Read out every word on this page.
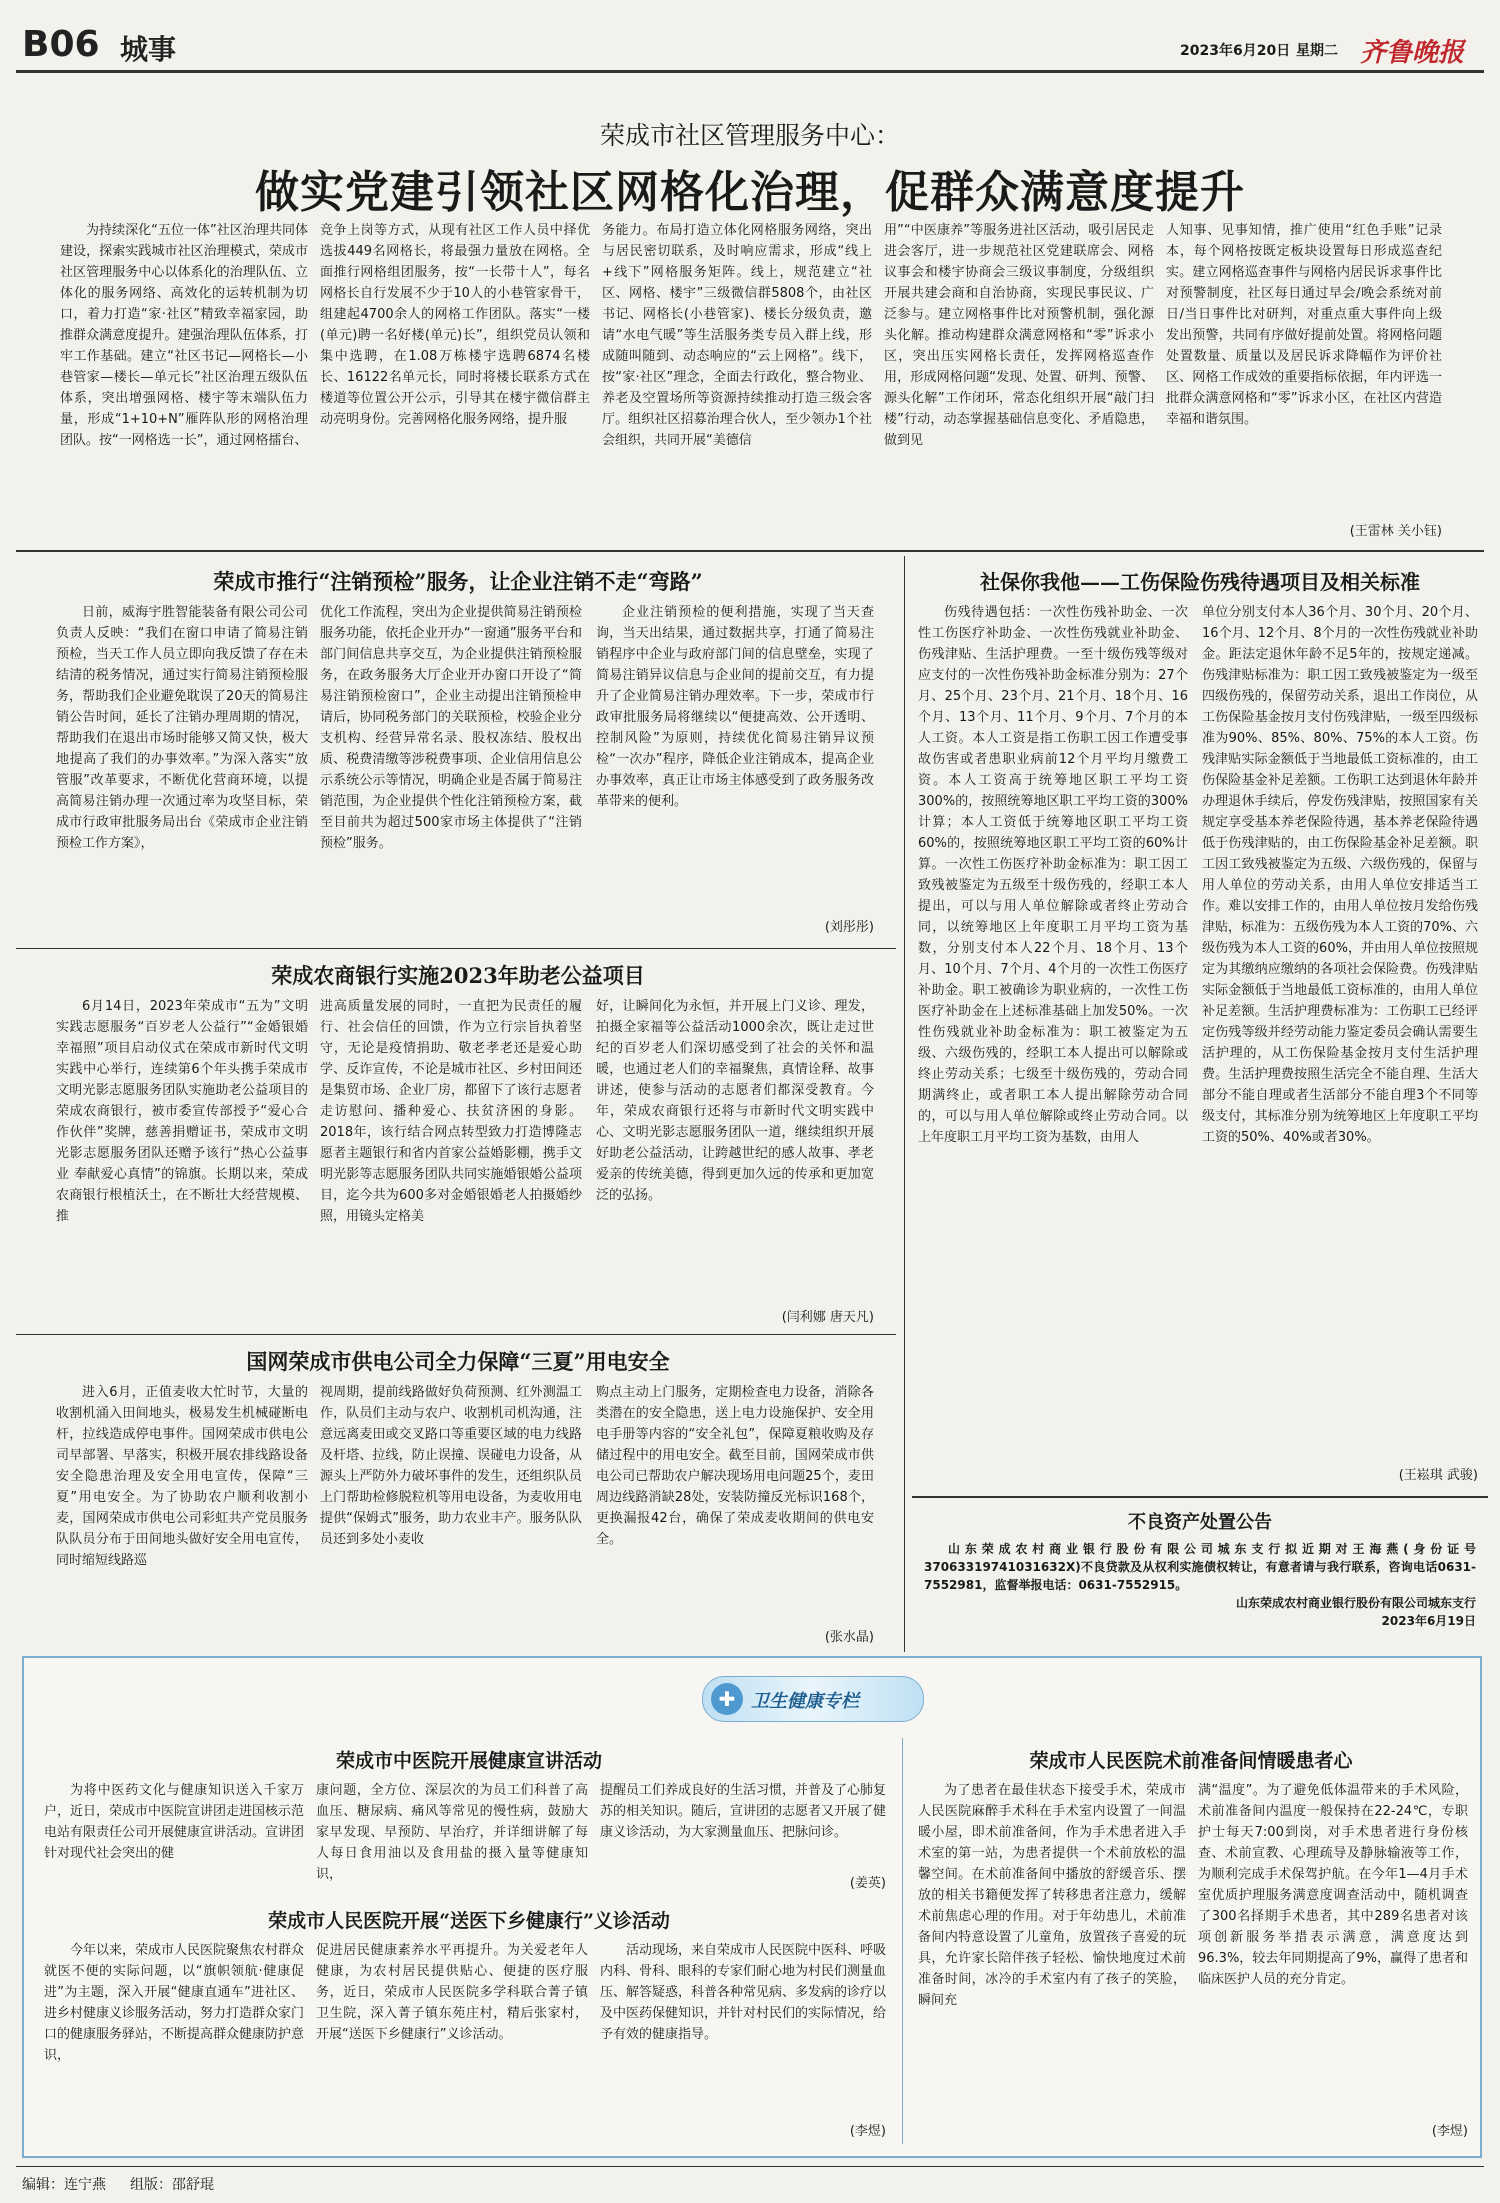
B06 城事	2023年6月20日 星期二 齐鲁晚报
荣成市社区管理服务中心：
做实党建引领社区网格化治理，促群众满意度提升
为持续深化“五位一体”社区治理共同体建设，探索实践城市社区治理模式，荣成市社区管理服务中心以体系化的治理队伍、立体化的服务网络、高效化的运转机制为切口，着力打造“家·社区”精致幸福家园，助推群众满意度提升。建强治理队伍体系，打牢工作基础。建立“社区书记—网格长—小巷管家—楼长—单元长”社区治理五级队伍体系，突出增强网格、楼宇等末端队伍力量，形成“1+10+N”雁阵队形的网格治理团队。按“一网格选一长”，通过网格擂台、
竞争上岗等方式，从现有社区工作人员中择优选拔449名网格长，将最强力量放在网格。全面推行网格组团服务，按“一长带十人”，每名网格长自行发展不少于10人的小巷管家骨干，组建起4700余人的网格工作团队。落实“一楼(单元)聘一名好楼(单元)长”，组织党员认领和集中选聘，在1.08万栋楼宇选聘6874名楼长、16122名单元长，同时将楼长联系方式在楼道等位置公开公示，引导其在楼宇微信群主动亮明身份。完善网格化服务网络，提升服
务能力。布局打造立体化网格服务网络，突出与居民密切联系，及时响应需求，形成“线上+线下”网格服务矩阵。线上，规范建立“社区、网格、楼宇”三级微信群5808个，由社区书记、网格长(小巷管家)、楼长分级负责，邀请“水电气暖”等生活服务类专员入群上线，形成随叫随到、动态响应的“云上网格”。线下，按“家·社区”理念，全面去行政化，整合物业、养老及空置场所等资源持续推动打造三级会客厅。组织社区招募治理合伙人，至少领办1个社会组织，共同开展“美德信
用”“中医康养”等服务进社区活动，吸引居民走进会客厅，进一步规范社区党建联席会、网格议事会和楼宇协商会三级议事制度，分级组织开展共建会商和自治协商，实现民事民议、广泛参与。建立网格事件比对预警机制，强化源头化解。推动构建群众满意网格和“零”诉求小区，突出压实网格长责任，发挥网格巡查作用，形成网格问题“发现、处置、研判、预警、源头化解”工作闭环，常态化组织开展“敲门扫楼”行动，动态掌握基础信息变化、矛盾隐患，做到见
人知事、见事知情，推广使用“红色手账”记录本，每个网格按既定板块设置每日形成巡查纪实。建立网格巡查事件与网格内居民诉求事件比对预警制度，社区每日通过早会/晚会系统对前日/当日事件比对研判，对重点重大事件向上级发出预警，共同有序做好提前处置。将网格问题处置数量、质量以及居民诉求降幅作为评价社区、网格工作成效的重要指标依据，年内评选一批群众满意网格和“零”诉求小区，在社区内营造幸福和谐氛围。
(王雷林 关小钰)
荣成市推行“注销预检”服务，让企业注销不走“弯路”
日前，威海宇胜智能装备有限公司公司负责人反映：“我们在窗口申请了简易注销预检，当天工作人员立即向我反馈了存在未结清的税务情况，通过实行简易注销预检服务，帮助我们企业避免耽误了20天的简易注销公告时间，延长了注销办理周期的情况，帮助我们在退出市场时能够又简又快，极大地提高了我们的办事效率。”为深入落实“放管服”改革要求，不断优化营商环境，以提高简易注销办理一次通过率为攻坚目标，荣成市行政审批服务局出台《荣成市企业注销预检工作方案》，
优化工作流程，突出为企业提供简易注销预检服务功能，依托企业开办“一窗通”服务平台和部门间信息共享交互，为企业提供注销预检服务，在政务服务大厅企业开办窗口开设了“简易注销预检窗口”，企业主动提出注销预检申请后，协同税务部门的关联预检，校验企业分支机构、经营异常名录、股权冻结、股权出质、税费清缴等涉税费事项、企业信用信息公示系统公示等情况，明确企业是否属于简易注销范围，为企业提供个性化注销预检方案，截至目前共为超过500家市场主体提供了“注销预检”服务。
企业注销预检的便利措施，实现了当天查询，当天出结果，通过数据共享，打通了简易注销程序中企业与政府部门间的信息壁垒，实现了简易注销异议信息与企业间的提前交互，有力提升了企业简易注销办理效率。下一步，荣成市行政审批服务局将继续以“便捷高效、公开透明、控制风险”为原则，持续优化简易注销异议预检“一次办”程序，降低企业注销成本，提高企业办事效率，真正让市场主体感受到了政务服务改革带来的便利。
(刘彤彤)
荣成农商银行实施2023年助老公益项目
6月14日，2023年荣成市“五为”文明实践志愿服务“百岁老人公益行”“金婚银婚幸福照”项目启动仪式在荣成市新时代文明实践中心举行，连续第6个年头携手荣成市文明光影志愿服务团队实施助老公益项目的荣成农商银行，被市委宣传部授予“爱心合作伙伴”奖牌，慈善捐赠证书，荣成市文明光影志愿服务团队还赠予该行“热心公益事业 奉献爱心真情”的锦旗。长期以来，荣成农商银行根植沃土，在不断壮大经营规模、推
进高质量发展的同时，一直把为民责任的履行、社会信任的回馈，作为立行宗旨执着坚守，无论是疫情捐助、敬老孝老还是爱心助学、反诈宣传，不论是城市社区、乡村田间还是集贸市场、企业厂房，都留下了该行志愿者走访慰问、播种爱心、扶贫济困的身影。2018年，该行结合网点转型致力打造博隆志愿者主题银行和省内首家公益婚影棚，携手文明光影等志愿服务团队共同实施婚银婚公益项目，迄今共为600多对金婚银婚老人拍摄婚纱照，用镜头定格美
好，让瞬间化为永恒，并开展上门义诊、理发，拍摄全家福等公益活动1000余次，既让走过世纪的百岁老人们深切感受到了社会的关怀和温暖，也通过老人们的幸福聚焦，真情诠释、故事讲述，使参与活动的志愿者们都深受教育。今年，荣成农商银行还将与市新时代文明实践中心、文明光影志愿服务团队一道，继续组织开展好助老公益活动，让跨越世纪的感人故事、孝老爱亲的传统美德，得到更加久远的传承和更加宽泛的弘扬。
(闫利娜 唐天凡)
国网荣成市供电公司全力保障“三夏”用电安全
进入6月，正值麦收大忙时节，大量的收割机涌入田间地头，极易发生机械碰断电杆，拉线造成停电事件。国网荣成市供电公司早部署、早落实，积极开展农排线路设备安全隐患治理及安全用电宣传，保障“三夏”用电安全。为了协助农户顺利收割小麦，国网荣成市供电公司彩虹共产党员服务队队员分布于田间地头做好安全用电宣传，同时缩短线路巡
视周期，提前线路做好负荷预测、红外测温工作，队员们主动与农户、收割机司机沟通，注意远离麦田或交叉路口等重要区域的电力线路及杆塔、拉线，防止误撞、误碰电力设备，从源头上严防外力破坏事件的发生，还组织队员上门帮助检修脱粒机等用电设备，为麦收用电提供“保姆式”服务，助力农业丰产。服务队队员还到多处小麦收
购点主动上门服务，定期检查电力设备，消除各类潜在的安全隐患，送上电力设施保护、安全用电手册等内容的“安全礼包”，保障夏粮收购及存储过程中的用电安全。截至目前，国网荣成市供电公司已帮助农户解决现场用电问题25个，麦田周边线路消缺28处，安装防撞反光标识168个，更换漏报42台，确保了荣成麦收期间的供电安全。
(张水晶)
社保你我他——工伤保险伤残待遇项目及相关标准
伤残待遇包括：一次性伤残补助金、一次性工伤医疗补助金、一次性伤残就业补助金、伤残津贴、生活护理费。一至十级伤残等级对应支付的一次性伤残补助金标准分别为：27个月、25个月、23个月、21个月、18个月、16个月、13个月、11个月、9个月、7个月的本人工资。本人工资是指工伤职工因工作遭受事故伤害或者患职业病前12个月平均月缴费工资。本人工资高于统筹地区职工平均工资300%的，按照统筹地区职工平均工资的300%计算；本人工资低于统筹地区职工平均工资60%的，按照统筹地区职工平均工资的60%计算。一次性工伤医疗补助金标准为：职工因工致残被鉴定为五级至十级伤残的，经职工本人提出，可以与用人单位解除或者终止劳动合同，以统筹地区上年度职工月平均工资为基数，分别支付本人22个月、18个月、13个月、10个月、7个月、4个月的一次性工伤医疗补助金。职工被确诊为职业病的，一次性工伤医疗补助金在上述标准基础上加发50%。一次性伤残就业补助金标准为：职工被鉴定为五级、六级伤残的，经职工本人提出可以解除或终止劳动关系；七级至十级伤残的，劳动合同期满终止，或者职工本人提出解除劳动合同的，可以与用人单位解除或终止劳动合同。以上年度职工月平均工资为基数，由用人
单位分别支付本人36个月、30个月、20个月、16个月、12个月、8个月的一次性伤残就业补助金。距法定退休年龄不足5年的，按规定递减。伤残津贴标准为：职工因工致残被鉴定为一级至四级伤残的，保留劳动关系，退出工作岗位，从工伤保险基金按月支付伤残津贴，一级至四级标准为90%、85%、80%、75%的本人工资。伤残津贴实际金额低于当地最低工资标准的，由工伤保险基金补足差额。工伤职工达到退休年龄并办理退休手续后，停发伤残津贴，按照国家有关规定享受基本养老保险待遇，基本养老保险待遇低于伤残津贴的，由工伤保险基金补足差额。职工因工致残被鉴定为五级、六级伤残的，保留与用人单位的劳动关系，由用人单位安排适当工作。难以安排工作的，由用人单位按月发给伤残津贴，标准为：五级伤残为本人工资的70%、六级伤残为本人工资的60%，并由用人单位按照规定为其缴纳应缴纳的各项社会保险费。伤残津贴实际金额低于当地最低工资标准的，由用人单位补足差额。生活护理费标准为：工伤职工已经评定伤残等级并经劳动能力鉴定委员会确认需要生活护理的，从工伤保险基金按月支付生活护理费。生活护理费按照生活完全不能自理、生活大部分不能自理或者生活部分不能自理3个不同等级支付，其标准分别为统筹地区上年度职工平均工资的50%、40%或者30%。
(王崧琪 武骏)
不良资产处置公告
山东荣成农村商业银行股份有限公司城东支行拟近期对王海燕(身份证号37063319741031632X)不良贷款及从权利实施债权转让，有意者请与我行联系，咨询电话0631-7552981，监督举报电话：0631-7552915。
山东荣成农村商业银行股份有限公司城东支行
2023年6月19日
✚ 卫生健康专栏
荣成市中医院开展健康宣讲活动
为将中医药文化与健康知识送入千家万户，近日，荣成市中医院宣讲团走进国核示范电站有限责任公司开展健康宣讲活动。宣讲团针对现代社会突出的健
康问题，全方位、深层次的为员工们科普了高血压、糖尿病、痛风等常见的慢性病，鼓励大家早发现、早预防、早治疗，并详细讲解了每人每日食用油以及食用盐的摄入量等健康知识，
提醒员工们养成良好的生活习惯，并普及了心肺复苏的相关知识。随后，宣讲团的志愿者又开展了健康义诊活动，为大家测量血压、把脉问诊。
(姜英)
荣成市人民医院开展“送医下乡健康行”义诊活动
今年以来，荣成市人民医院聚焦农村群众就医不便的实际问题，以“旗帜领航·健康促进”为主题，深入开展“健康直通车”进社区、进乡村健康义诊服务活动，努力打造群众家门口的健康服务驿站，不断提高群众健康防护意识，
促进居民健康素养水平再提升。为关爱老年人健康，为农村居民提供贴心、便捷的医疗服务，近日，荣成市人民医院多学科联合菁子镇卫生院，深入菁子镇东苑庄村，精后张家村，开展“送医下乡健康行”义诊活动。
活动现场，来自荣成市人民医院中医科、呼吸内科、骨科、眼科的专家们耐心地为村民们测量血压、解答疑惑，科普各种常见病、多发病的诊疗以及中医药保健知识，并针对村民们的实际情况，给予有效的健康指导。
(李煜)
荣成市人民医院术前准备间情暖患者心
为了患者在最佳状态下接受手术，荣成市人民医院麻醉手术科在手术室内设置了一间温暖小屋，即术前准备间，作为手术患者进入手术室的第一站，为患者提供一个术前放松的温馨空间。在术前准备间中播放的舒缓音乐、摆放的相关书籍便发挥了转移患者注意力，缓解术前焦虑心理的作用。对于年幼患儿，术前准备间内特意设置了儿童角，放置孩子喜爱的玩具，允许家长陪伴孩子轻松、愉快地度过术前准备时间，冰冷的手术室内有了孩子的笑脸，瞬间充
满“温度”。为了避免低体温带来的手术风险，术前准备间内温度一般保持在22-24℃，专职护士每天7:00到岗，对手术患者进行身份核查、术前宣教、心理疏导及静脉输液等工作，为顺利完成手术保驾护航。在今年1—4月手术室优质护理服务满意度调查活动中，随机调查了300名择期手术患者，其中289名患者对该项创新服务举措表示满意，满意度达到96.3%，较去年同期提高了9%，赢得了患者和临床医护人员的充分肯定。
(李煜)
编辑：连宁燕 组版：邵舒琨
